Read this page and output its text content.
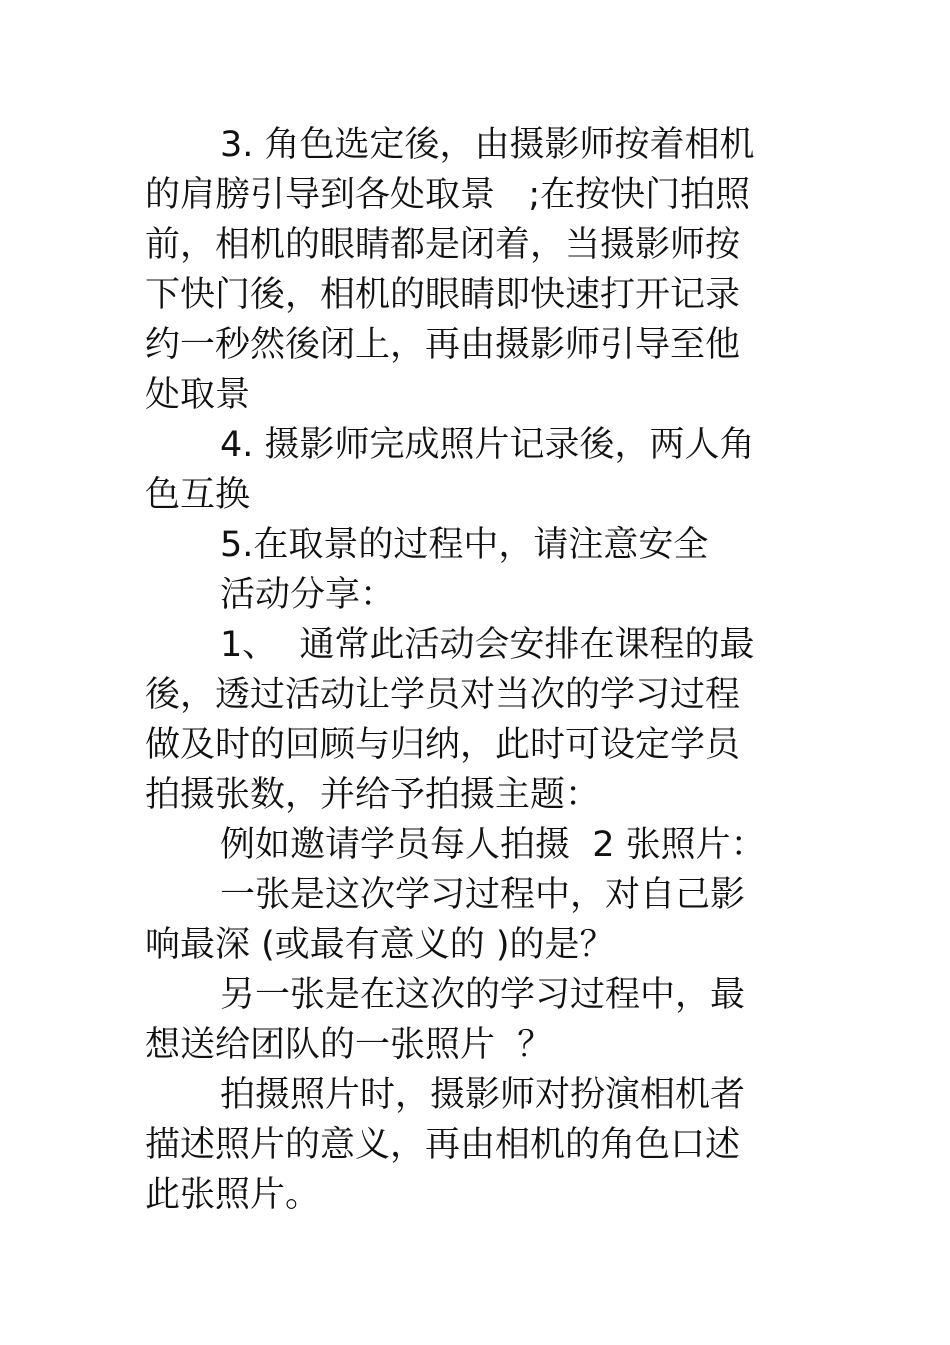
3. 角色选定後，由摄影师按着相机
的肩膀引导到各处取景   ;在按快门拍照
前，相机的眼睛都是闭着，当摄影师按
下快门後，相机的眼睛即快速打开记录
约一秒然後闭上，再由摄影师引导至他
处取景
4. 摄影师完成照片记录後，两人角
色互换
5.在取景的过程中，请注意安全
活动分享：
1、  通常此活动会安排在课程的最
後，透过活动让学员对当次的学习过程
做及时的回顾与归纳，此时可设定学员
拍摄张数，并给予拍摄主题：
例如邀请学员每人拍摄  2 张照片：
一张是这次学习过程中，对自己影
响最深 (或最有意义的 )的是？
另一张是在这次的学习过程中，最
想送给团队的一张照片  ？
拍摄照片时，摄影师对扮演相机者
描述照片的意义，再由相机的角色口述
此张照片。
